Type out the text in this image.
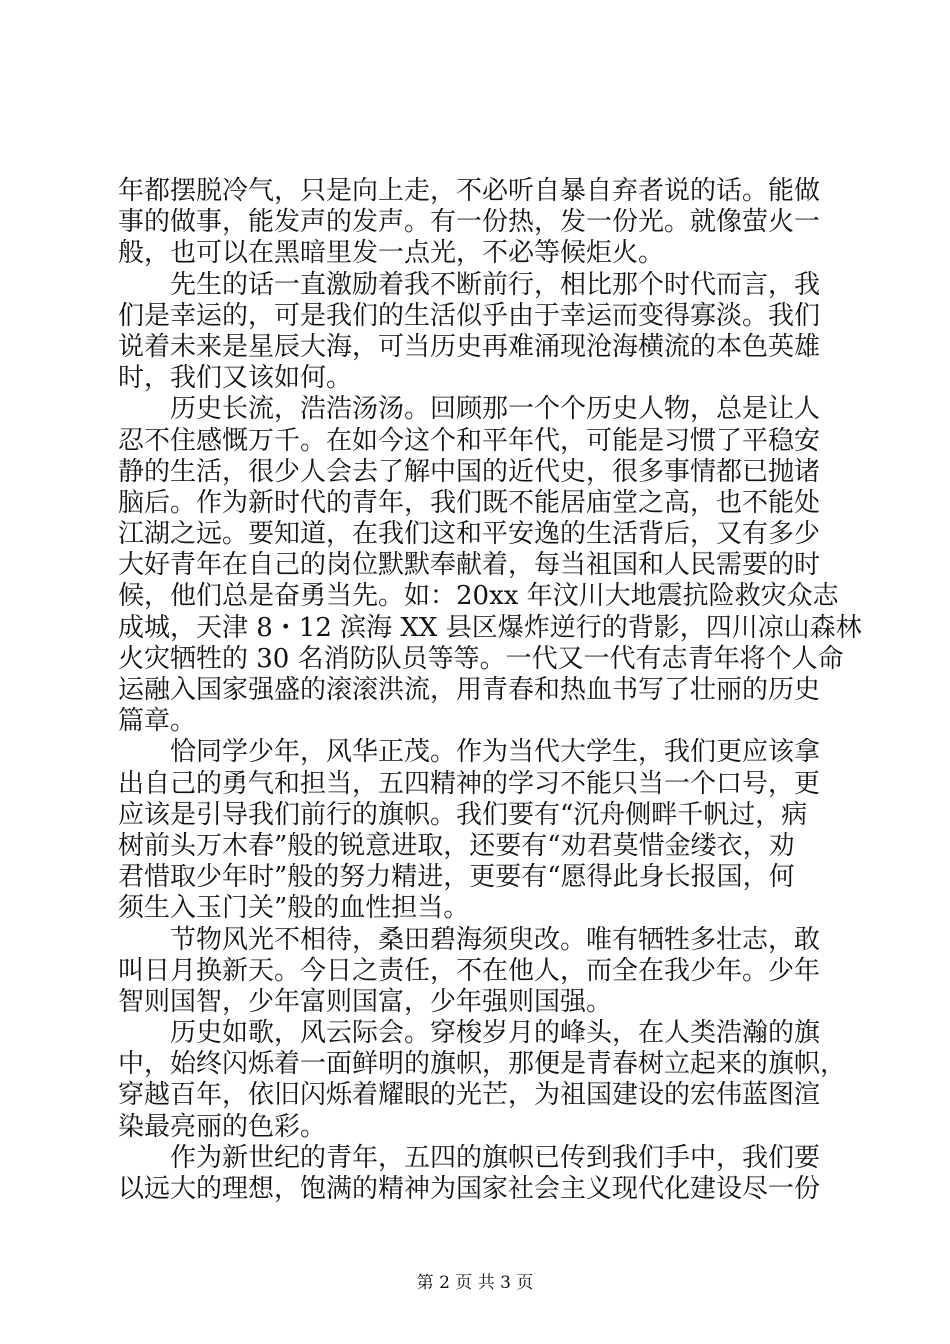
年都摆脱冷气，只是向上走，不必听自暴自弃者说的话。能做
事的做事，能发声的发声。有一份热，发一份光。就像萤火一
般，也可以在黑暗里发一点光，不必等候炬火。
先生的话一直激励着我不断前行，相比那个时代而言，我
们是幸运的，可是我们的生活似乎由于幸运而变得寡淡。我们
说着未来是星辰大海，可当历史再难涌现沧海横流的本色英雄
时，我们又该如何。
历史长流，浩浩汤汤。回顾那一个个历史人物，总是让人
忍不住感慨万千。在如今这个和平年代，可能是习惯了平稳安
静的生活，很少人会去了解中国的近代史，很多事情都已抛诸
脑后。作为新时代的青年，我们既不能居庙堂之高，也不能处
江湖之远。要知道，在我们这和平安逸的生活背后，又有多少
大好青年在自己的岗位默默奉献着，每当祖国和人民需要的时
候，他们总是奋勇当先。如：20xx 年汶川大地震抗险救灾众志
成城，天津 8・12 滨海 XX 县区爆炸逆行的背影，四川凉山森林
火灾牺牲的 30 名消防队员等等。一代又一代有志青年将个人命
运融入国家强盛的滚滚洪流，用青春和热血书写了壮丽的历史
篇章。
恰同学少年，风华正茂。作为当代大学生，我们更应该拿
出自己的勇气和担当，五四精神的学习不能只当一个口号，更
应该是引导我们前行的旗帜。我们要有“沉舟侧畔千帆过，病
树前头万木春”般的锐意进取，还要有“劝君莫惜金缕衣，劝
君惜取少年时”般的努力精进，更要有“愿得此身长报国，何
须生入玉门关”般的血性担当。
节物风光不相待，桑田碧海须臾改。唯有牺牲多壮志，敢
叫日月换新天。今日之责任，不在他人，而全在我少年。少年
智则国智，少年富则国富，少年强则国强。
历史如歌，风云际会。穿梭岁月的峰头，在人类浩瀚的旗
中，始终闪烁着一面鲜明的旗帜，那便是青春树立起来的旗帜，
穿越百年，依旧闪烁着耀眼的光芒，为祖国建设的宏伟蓝图渲
染最亮丽的色彩。
作为新世纪的青年，五四的旗帜已传到我们手中，我们要
以远大的理想，饱满的精神为国家社会主义现代化建设尽一份
第 2 页 共 3 页
